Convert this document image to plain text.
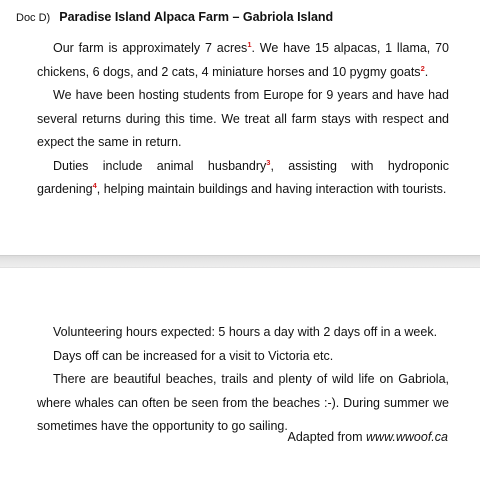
Doc D) Paradise Island Alpaca Farm – Gabriola Island

Our farm is approximately 7 acres$^1$. We have 15 alpacas, 1 llama, 70 chickens, 6 dogs, and 2 cats, 4 miniature horses and 10 pygmy goats$^2$.

We have been hosting students from Europe for 9 years and have had several returns during this time. We treat all farm stays with respect and expect the same in return.

Duties include animal husbandry$^3$, assisting with hydroponic gardening$^4$, helping maintain buildings and having interaction with tourists.

Volunteering hours expected: 5 hours a day with 2 days off in a week.

Days off can be increased for a visit to Victoria etc.

There are beautiful beaches, trails and plenty of wild life on Gabriola, where whales can often be seen from the beaches :-). During summer we sometimes have the opportunity to go sailing.

Adapted from www.wwoof.ca
